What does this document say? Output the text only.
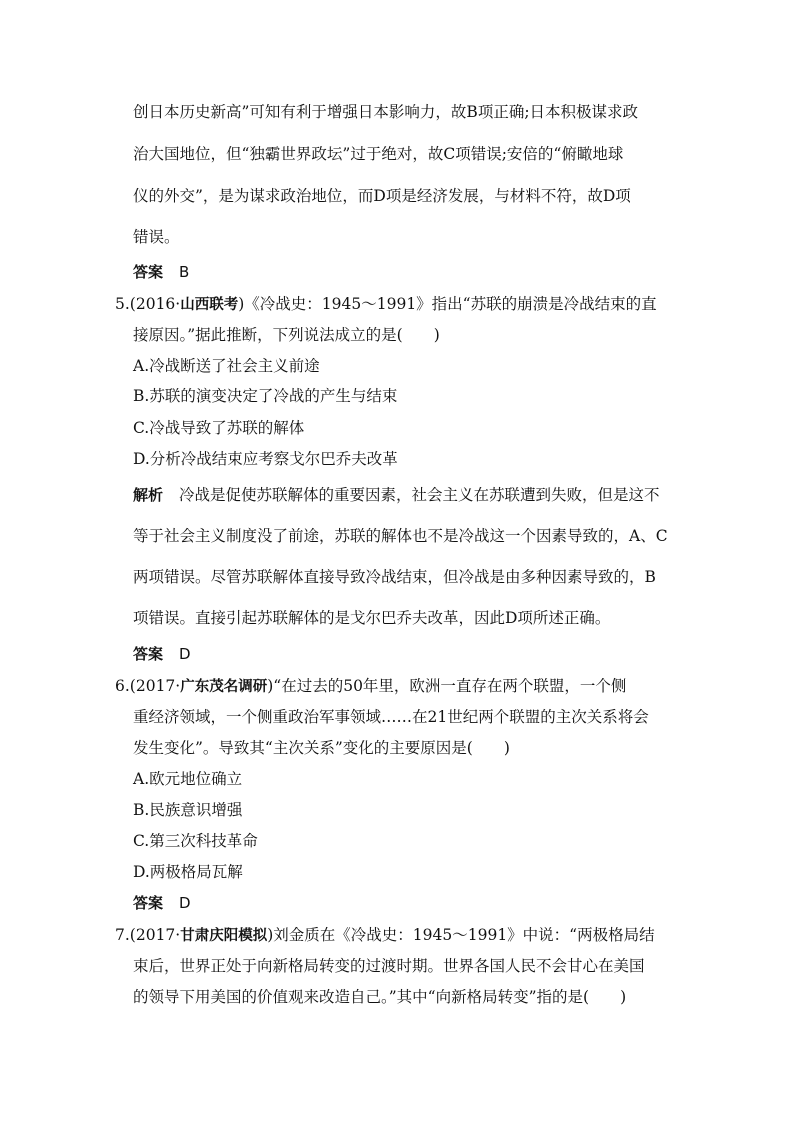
创日本历史新高”可知有利于增强日本影响力，故B项正确;日本积极谋求政
治大国地位，但“独霸世界政坛”过于绝对，故C项错误;安倍的“俯瞰地球
仪的外交”，是为谋求政治地位，而D项是经济发展，与材料不符，故D项
错误。
答案 B
5.(2016·山西联考)《冷战史：1945～1991》指出“苏联的崩溃是冷战结束的直
接原因。”据此推断，下列说法成立的是(　　)
A.冷战断送了社会主义前途
B.苏联的演变决定了冷战的产生与结束
C.冷战导致了苏联的解体
D.分析冷战结束应考察戈尔巴乔夫改革
解析 冷战是促使苏联解体的重要因素，社会主义在苏联遭到失败，但是这不
等于社会主义制度没了前途，苏联的解体也不是冷战这一个因素导致的，A、C
两项错误。尽管苏联解体直接导致冷战结束，但冷战是由多种因素导致的，B
项错误。直接引起苏联解体的是戈尔巴乔夫改革，因此D项所述正确。
答案 D
6.(2017·广东茂名调研)“在过去的50年里，欧洲一直存在两个联盟，一个侧
重经济领域，一个侧重政治军事领域……在21世纪两个联盟的主次关系将会
发生变化”。导致其“主次关系”变化的主要原因是(　　)
A.欧元地位确立
B.民族意识增强
C.第三次科技革命
D.两极格局瓦解
答案 D
7.(2017·甘肃庆阳模拟)刘金质在《冷战史：1945～1991》中说：“两极格局结
束后，世界正处于向新格局转变的过渡时期。世界各国人民不会甘心在美国
的领导下用美国的价值观来改造自己。”其中“向新格局转变”指的是(　　)
